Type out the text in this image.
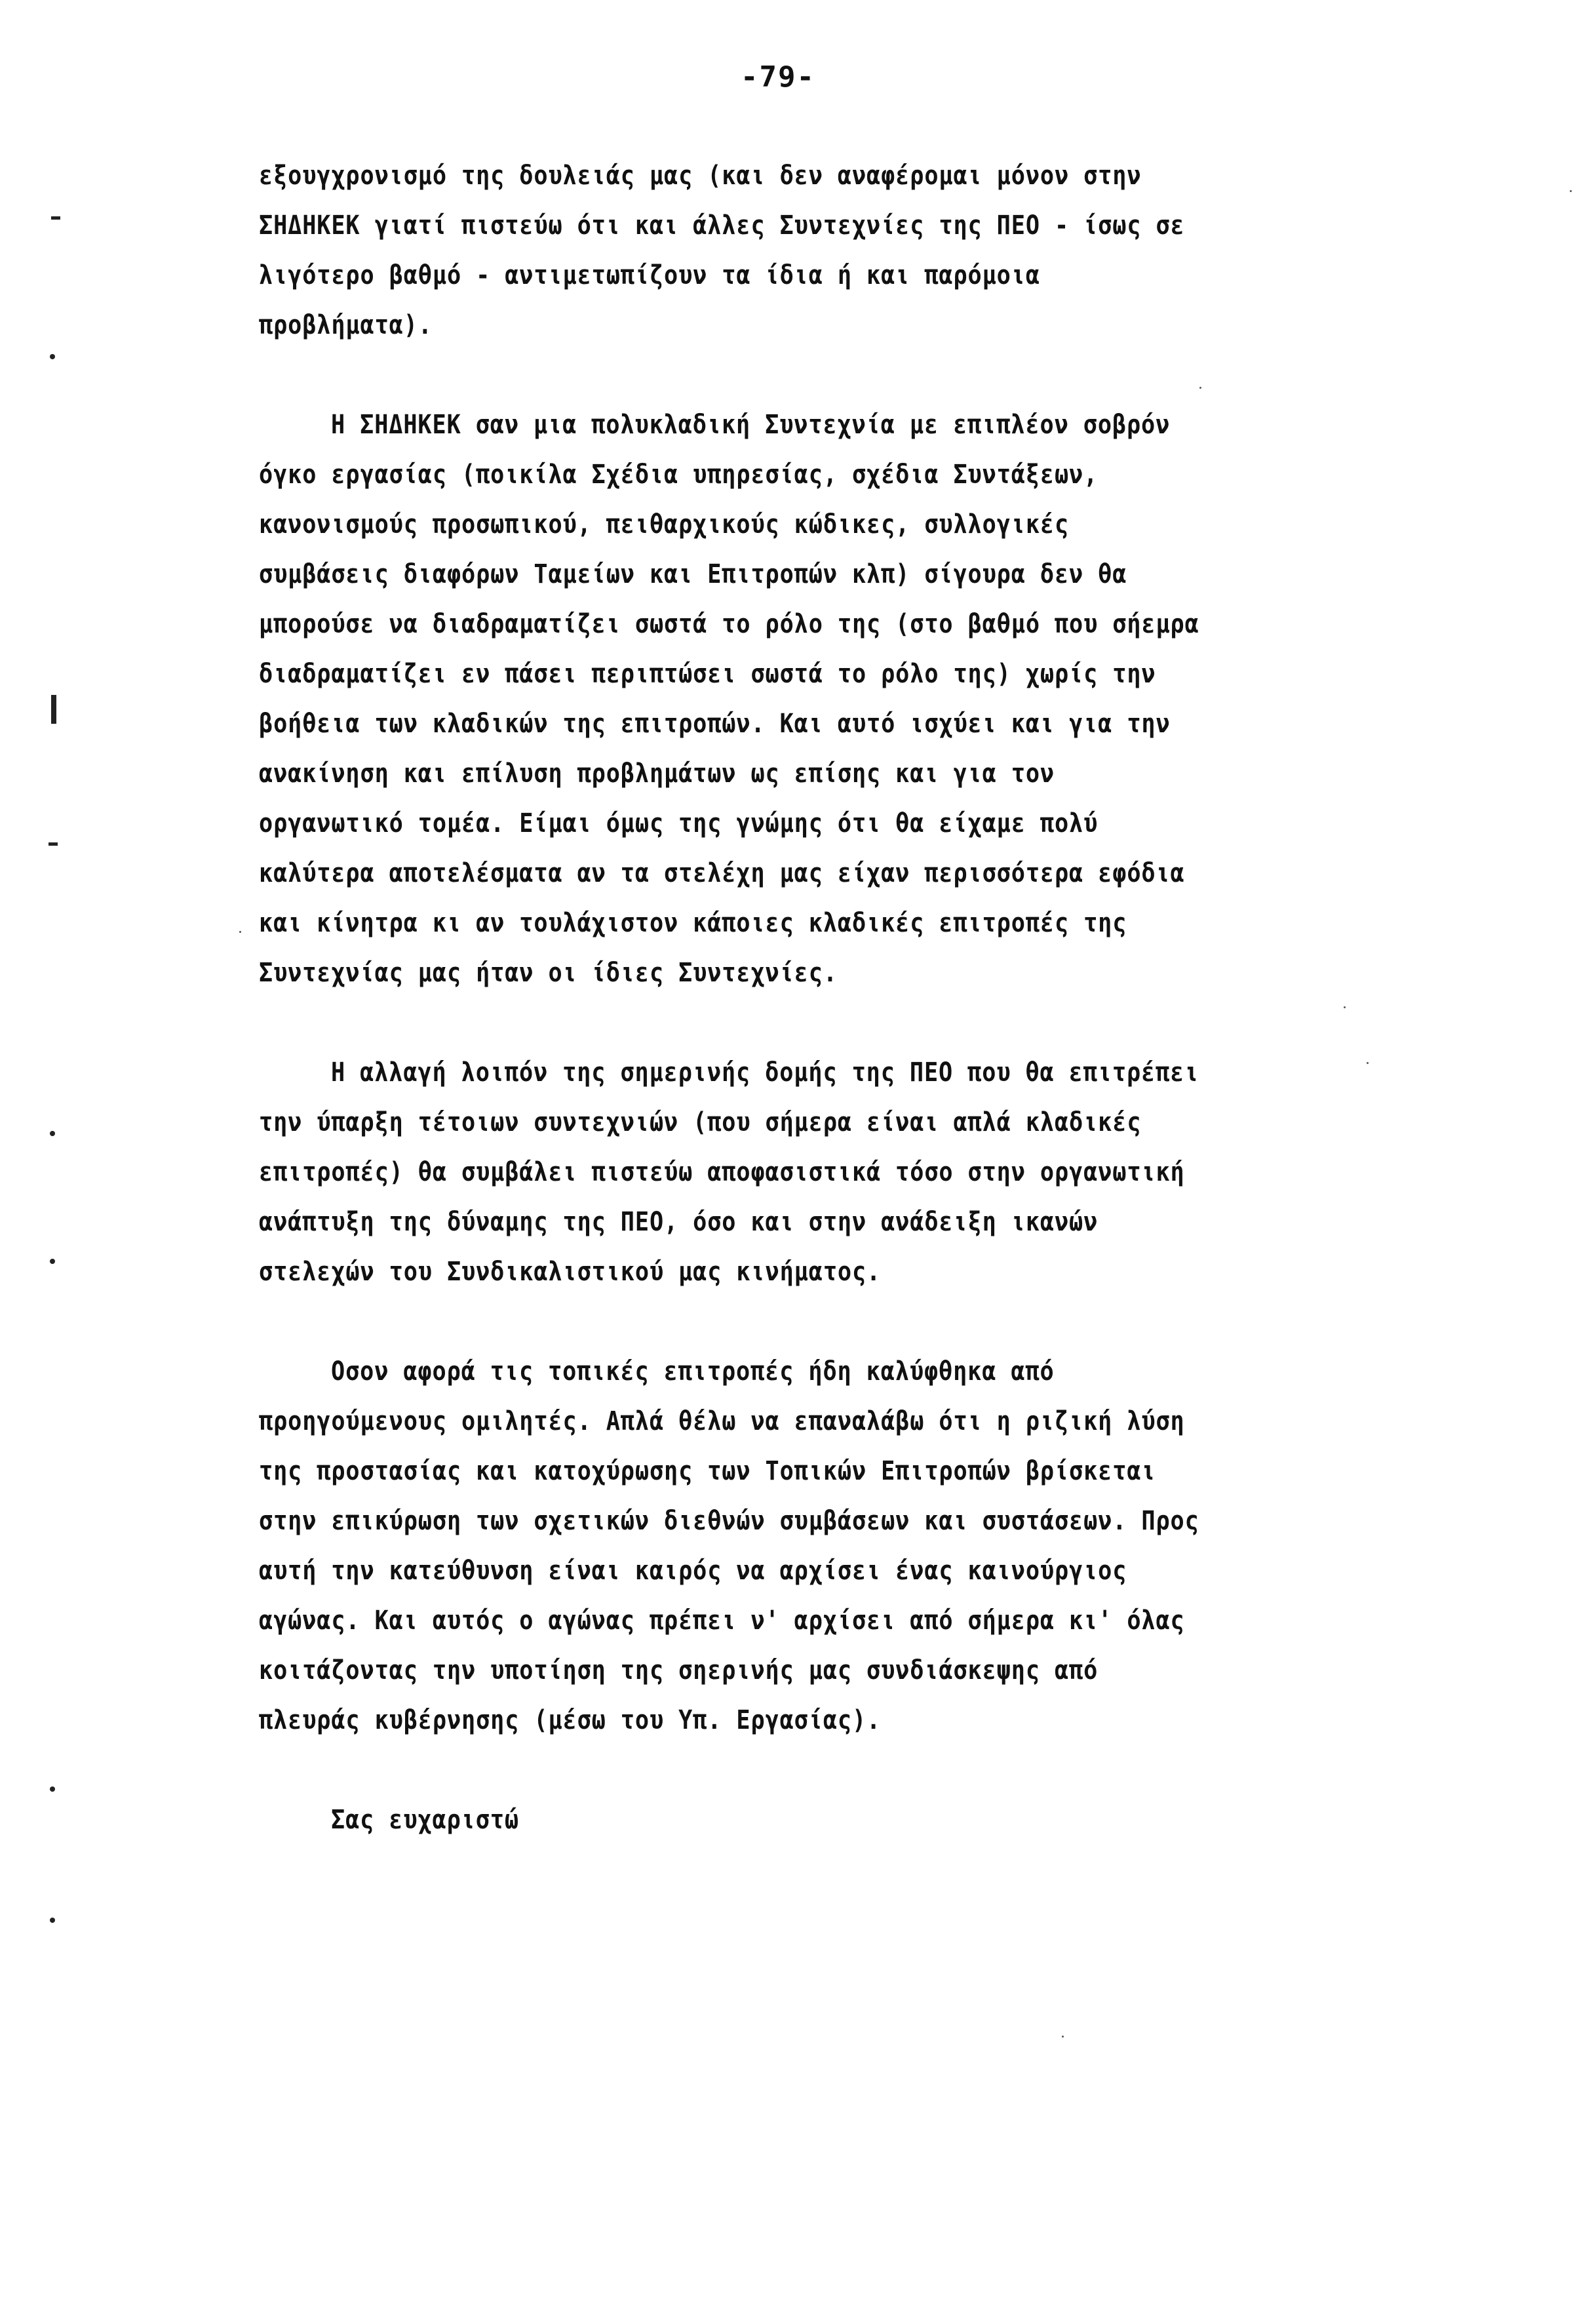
-79-
εξουγχρονισμό της δουλειάς μας (και δεν αναφέρομαι μόνον στην
ΣΗΔΗΚΕΚ γιατί πιστεύω ότι και άλλες Συντεχνίες της ΠΕΟ - ίσως σε
λιγότερο βαθμό - αντιμετωπίζουν τα ίδια ή και παρόμοια
προβλήματα).
Η ΣΗΔΗΚΕΚ σαν μια πολυκλαδική Συντεχνία με επιπλέον σοβρόν
όγκο εργασίας (ποικίλα Σχέδια υπηρεσίας, σχέδια Συντάξεων,
κανονισμούς προσωπικού, πειθαρχικούς κώδικες, συλλογικές
συμβάσεις διαφόρων Ταμείων και Επιτροπών κλπ) σίγουρα δεν θα
μπορούσε να διαδραματίζει σωστά το ρόλο της (στο βαθμό που σήεμρα
διαδραματίζει εν πάσει περιπτώσει σωστά το ρόλο της) χωρίς την
βοήθεια των κλαδικών της επιτροπών. Και αυτό ισχύει και για την
ανακίνηση και επίλυση προβλημάτων ως επίσης και για τον
οργανωτικό τομέα. Είμαι όμως της γνώμης ότι θα είχαμε πολύ
καλύτερα αποτελέσματα αν τα στελέχη μας είχαν περισσότερα εφόδια
και κίνητρα κι αν τουλάχιστον κάποιες κλαδικές επιτροπές της
Συντεχνίας μας ήταν οι ίδιες Συντεχνίες.
Η αλλαγή λοιπόν της σημερινής δομής της ΠΕΟ που θα επιτρέπει
την ύπαρξη τέτοιων συντεχνιών (που σήμερα είναι απλά κλαδικές
επιτροπές) θα συμβάλει πιστεύω αποφασιστικά τόσο στην οργανωτική
ανάπτυξη της δύναμης της ΠΕΟ, όσο και στην ανάδειξη ικανών
στελεχών του Συνδικαλιστικού μας κινήματος.
Οσον αφορά τις τοπικές επιτροπές ήδη καλύφθηκα από
προηγούμενους ομιλητές. Απλά θέλω να επαναλάβω ότι η ριζική λύση
της προστασίας και κατοχύρωσης των Τοπικών Επιτροπών βρίσκεται
στην επικύρωση των σχετικών διεθνών συμβάσεων και συστάσεων. Προς
αυτή την κατεύθυνση είναι καιρός να αρχίσει ένας καινούργιος
αγώνας. Και αυτός ο αγώνας πρέπει ν' αρχίσει από σήμερα κι' όλας
κοιτάζοντας την υποτίηση της σηερινής μας συνδιάσκεψης από
πλευράς κυβέρνησης (μέσω του Υπ. Εργασίας).
Σας ευχαριστώ
